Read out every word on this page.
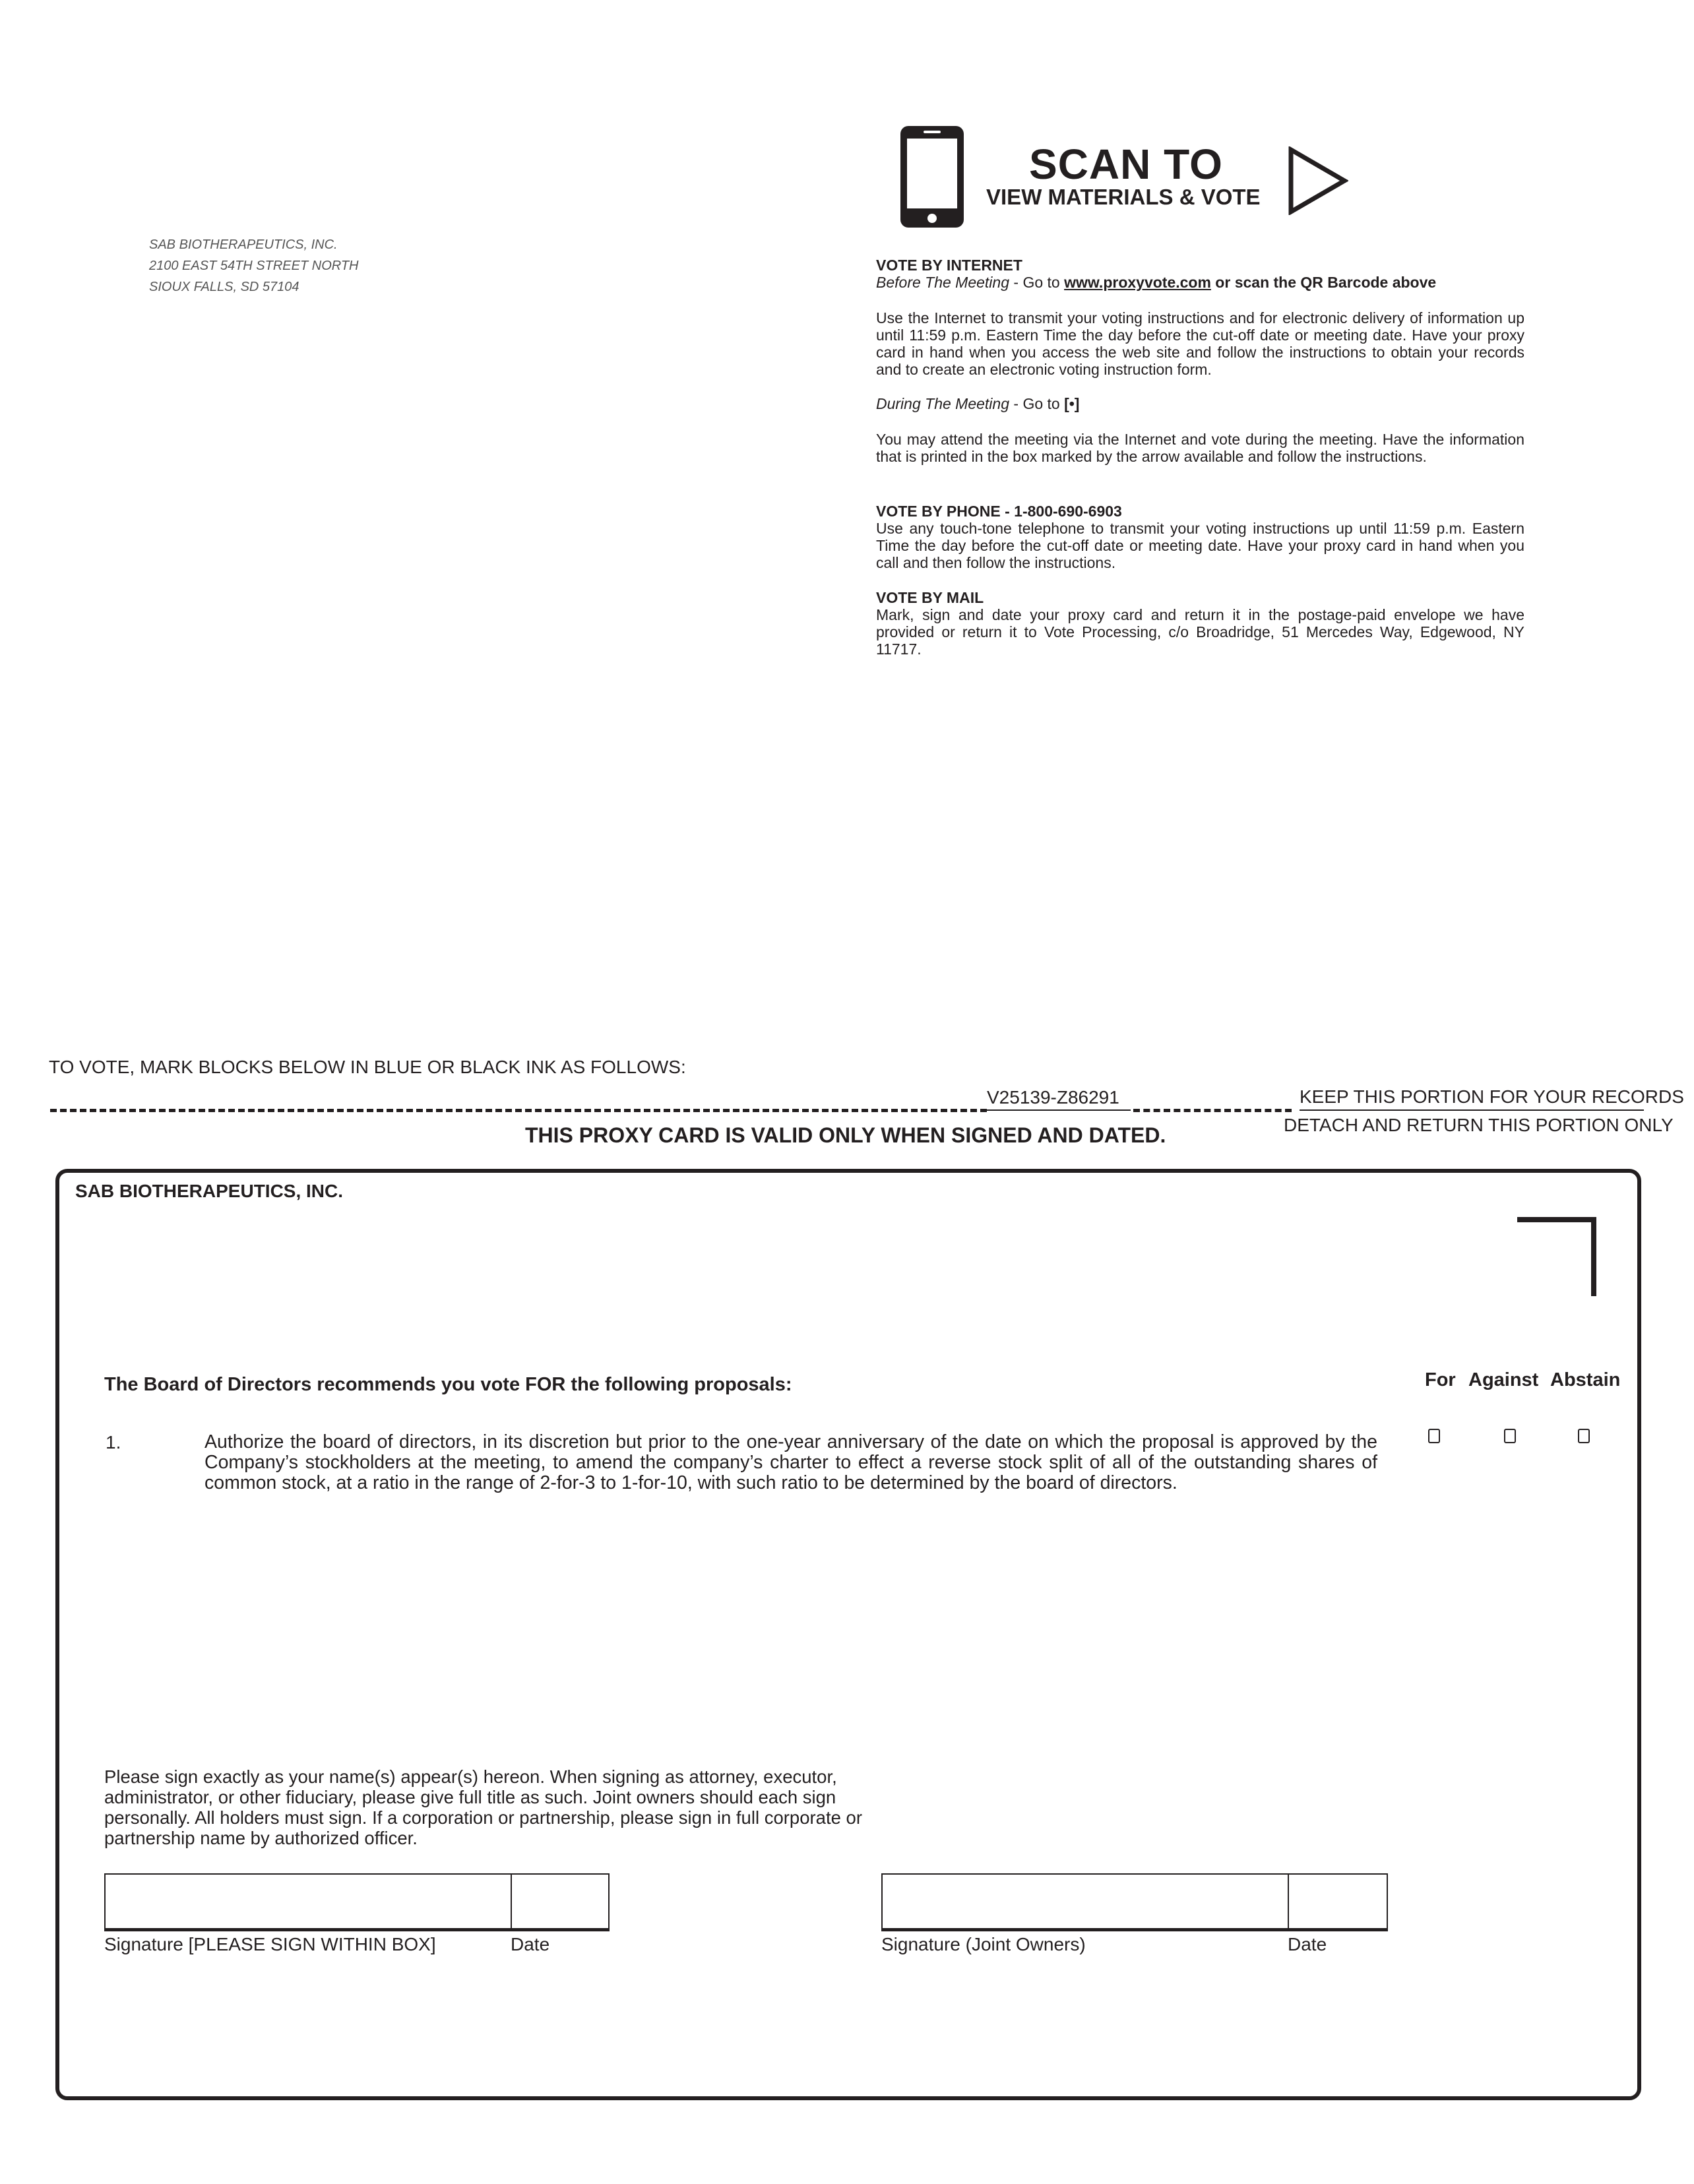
SAB BIOTHERAPEUTICS, INC.
2100 EAST 54TH STREET NORTH
SIOUX FALLS, SD 57104
SCAN TO
VIEW MATERIALS & VOTE
VOTE BY INTERNET
Before The Meeting - Go to www.proxyvote.com or scan the QR Barcode above

Use the Internet to transmit your voting instructions and for electronic delivery of information up until 11:59 p.m. Eastern Time the day before the cut-off date or meeting date. Have your proxy card in hand when you access the web site and follow the instructions to obtain your records and to create an electronic voting instruction form.

During The Meeting - Go to [•]

You may attend the meeting via the Internet and vote during the meeting. Have the information that is printed in the box marked by the arrow available and follow the instructions.

VOTE BY PHONE - 1-800-690-6903

Use any touch-tone telephone to transmit your voting instructions up until 11:59 p.m. Eastern Time the day before the cut-off date or meeting date. Have your proxy card in hand when you call and then follow the instructions.

VOTE BY MAIL

Mark, sign and date your proxy card and return it in the postage-paid envelope we have provided or return it to Vote Processing, c/o Broadridge, 51 Mercedes Way, Edgewood, NY 11717.

TO VOTE, MARK BLOCKS BELOW IN BLUE OR BLACK INK AS FOLLOWS:
V25139-Z86291	KEEP THIS PORTION FOR YOUR RECORDS
DETACH AND RETURN THIS PORTION ONLY
THIS PROXY CARD IS VALID ONLY WHEN SIGNED AND DATED.
SAB BIOTHERAPEUTICS, INC.
The Board of Directors recommends you vote FOR the following proposals:	For Against Abstain
1.	Authorize the board of directors, in its discretion but prior to the one-year anniversary of the date on which the proposal is approved by the Company’s stockholders at the meeting, to amend the company’s charter to effect a reverse stock split of all of the outstanding shares of common stock, at a ratio in the range of 2-for-3 to 1-for-10, with such ratio to be determined by the board of directors.
Please sign exactly as your name(s) appear(s) hereon. When signing as attorney, executor, administrator, or other fiduciary, please give full title as such. Joint owners should each sign personally. All holders must sign. If a corporation or partnership, please sign in full corporate or partnership name by authorized officer.
Signature [PLEASE SIGN WITHIN BOX]	Date	Signature (Joint Owners)	Date
